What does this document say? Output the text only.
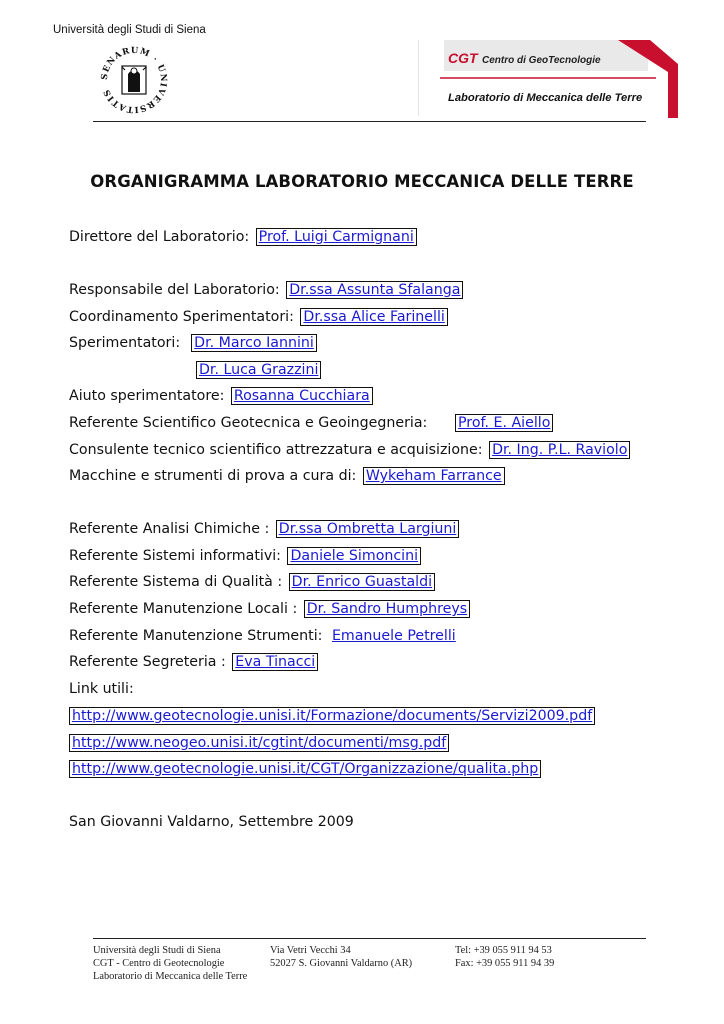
Università degli Studi di Siena
SENARUM · UNIVERSITATIS
CGT Centro di GeoTecnologie
Laboratorio di Meccanica delle Terre
ORGANIGRAMMA LABORATORIO MECCANICA DELLE TERRE
Direttore del Laboratorio: Prof. Luigi Carmignani
Responsabile del Laboratorio: Dr.ssa Assunta Sfalanga
Coordinamento Sperimentatori: Dr.ssa Alice Farinelli
Sperimentatori: Dr. Marco Iannini
Dr. Luca Grazzini
Aiuto sperimentatore: Rosanna Cucchiara
Referente Scientifico Geotecnica e Geoingegneria:	Prof. E. Aiello
Consulente tecnico scientifico attrezzatura e acquisizione: Dr. Ing. P.L. Raviolo
Macchine e strumenti di prova a cura di: Wykeham Farrance
Referente Analisi Chimiche : Dr.ssa Ombretta Largiuni
Referente Sistemi informativi: Daniele Simoncini
Referente Sistema di Qualità : Dr. Enrico Guastaldi
Referente Manutenzione Locali : Dr. Sandro Humphreys
Referente Manutenzione Strumenti: Emanuele Petrelli
Referente Segreteria : Eva Tinacci
Link utili:
http://www.geotecnologie.unisi.it/Formazione/documents/Servizi2009.pdf
http://www.neogeo.unisi.it/cgtint/documenti/msg.pdf
http://www.geotecnologie.unisi.it/CGT/Organizzazione/qualita.php
San Giovanni Valdarno, Settembre 2009
Università degli Studi di Siena
CGT - Centro di Geotecnologie
Laboratorio di Meccanica delle Terre
Via Vetri Vecchi 34
52027 S. Giovanni Valdarno (AR)
Tel: +39 055 911 94 53
Fax: +39 055 911 94 39
